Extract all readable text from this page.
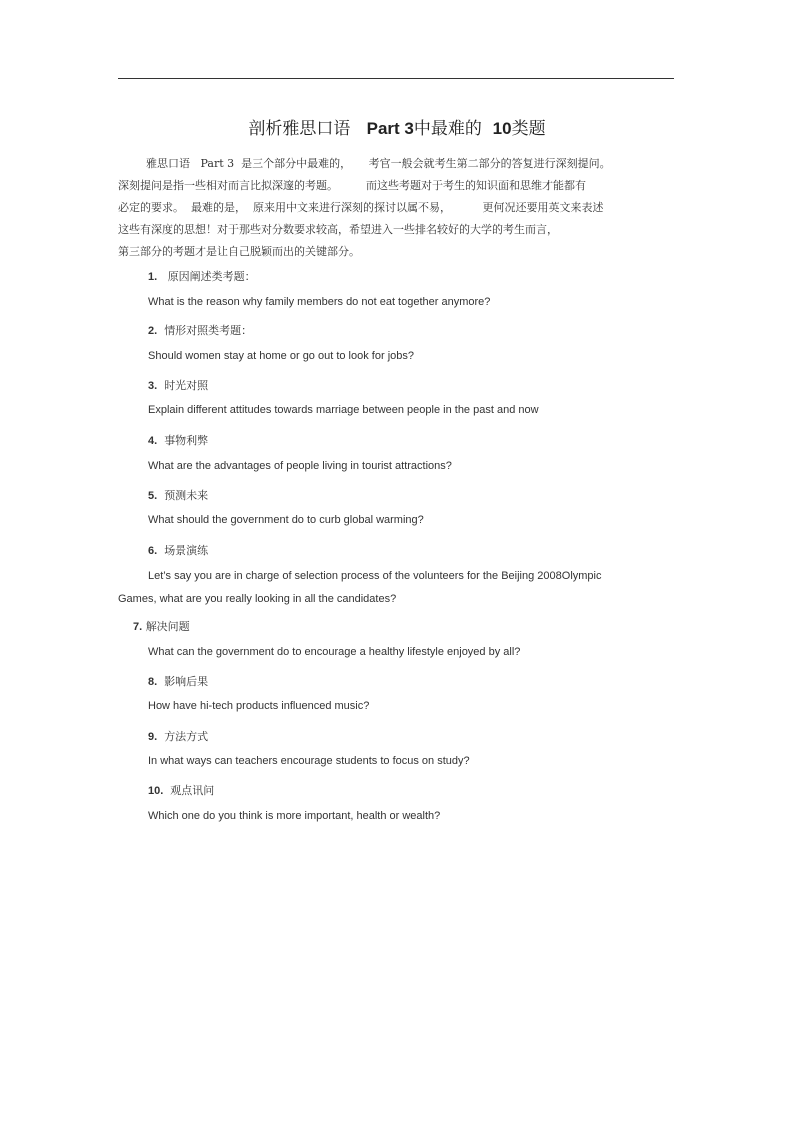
剖析雅思口语 Part 3中最难的 10类题
雅思口语   Part 3  是三个部分中最难的，     考官一般会就考生第二部分的答复进行深刻提问。
深刻提问是指一些相对而言比拟深邃的考题。        而这些考题对于考生的知识面和思维才能都有
必定的要求。  最难的是，  原来用中文来进行深刻的探讨以属不易，         更何况还要用英文来表述
这些有深度的思想！对于那些对分数要求较高，希望进入一些排名较好的大学的考生而言，
第三部分的考题才是让自己脱颖而出的关键部分。
1. 原因阐述类考题：
What is the reason why family members do not eat together anymore?
2. 情形对照类考题：
Should women stay at home or go out to look for jobs?
3. 时光对照
Explain different attitudes towards marriage between people in the past and now
4. 事物利弊
What are the advantages of people living in tourist attractions?
5. 预测未来
What should the government do to curb global warming?
6. 场景演练
Let’s say you are in charge of selection process of the volunteers for the Beijing 2008Olympic
Games, what are you really looking in all the candidates?
7. 解决问题
What can the government do to encourage a healthy lifestyle enjoyed by all?
8. 影响后果
How have hi-tech products influenced music?
9. 方法方式
In what ways can teachers encourage students to focus on study?
10. 观点讯问
Which one do you think is more important, health or wealth?
